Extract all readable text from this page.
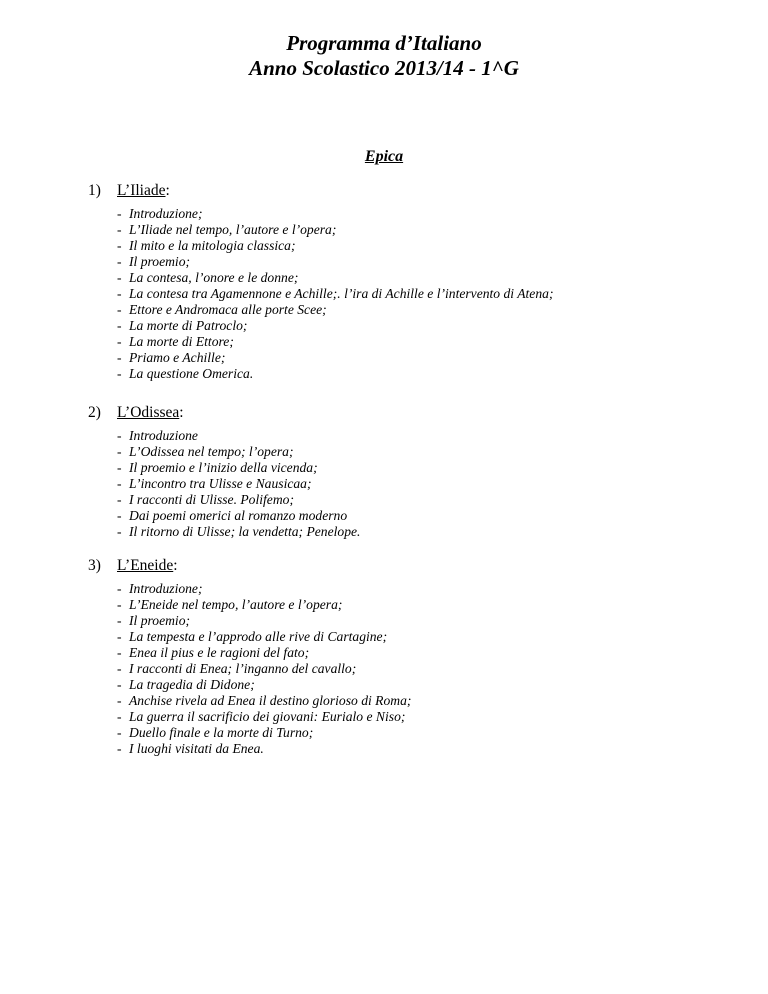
Programma d’Italiano
Anno Scolastico 2013/14 - 1^G
Epica
1) L’Iliade:
- Introduzione;
- L’Iliade nel tempo, l’autore e l’opera;
- Il mito e la mitologia classica;
- Il proemio;
- La contesa, l’onore e le donne;
- La contesa tra Agamennone e Achille;. l’ira di Achille e l’intervento di Atena;
- Ettore e Andromaca alle porte Scee;
- La morte di Patroclo;
- La morte di Ettore;
- Priamo e Achille;
- La questione Omerica.
2) L’Odissea:
- Introduzione
- L’Odissea nel tempo; l’opera;
- Il proemio e l’inizio della vicenda;
- L’incontro tra Ulisse e Nausicaa;
- I racconti di Ulisse. Polifemo;
- Dai poemi omerici al romanzo moderno
- Il ritorno di Ulisse; la vendetta; Penelope.
3) L’Eneide:
- Introduzione;
- L’Eneide nel tempo, l’autore e l’opera;
- Il proemio;
- La tempesta e l’approdo alle rive di Cartagine;
- Enea il pius e le ragioni del fato;
- I racconti di Enea; l’inganno del cavallo;
- La tragedia di Didone;
- Anchise rivela ad Enea il destino glorioso di Roma;
- La guerra il sacrificio dei giovani: Eurialo e Niso;
- Duello finale e la morte di Turno;
- I luoghi visitati da Enea.
